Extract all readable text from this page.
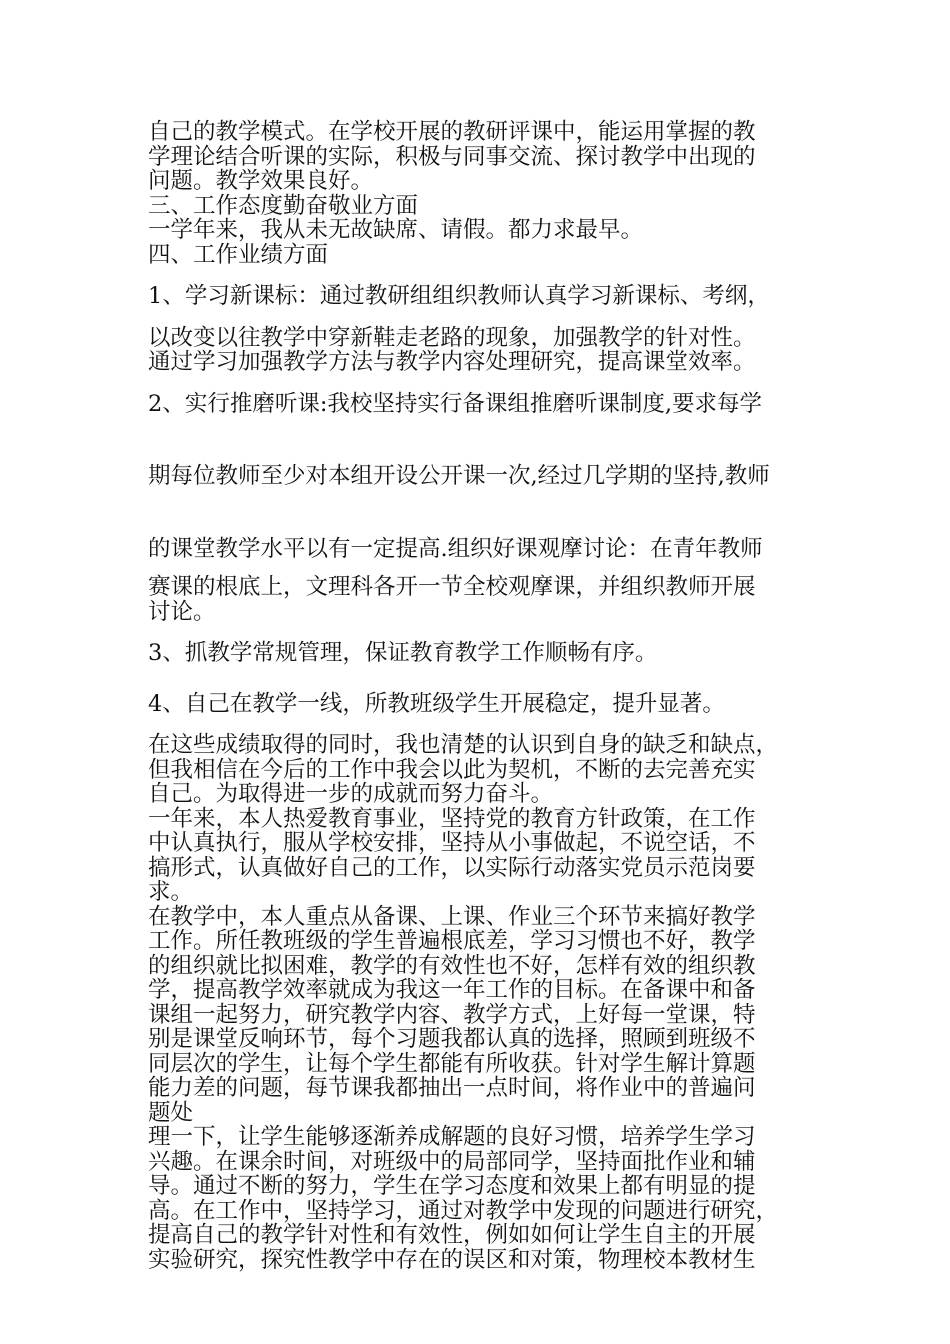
自己的教学模式。在学校开展的教研评课中，能运用掌握的教
学理论结合听课的实际，积极与同事交流、探讨教学中出现的
问题。教学效果良好。
三、工作态度勤奋敬业方面
一学年来，我从未无故缺席、请假。都力求最早。
四、工作业绩方面
1、学习新课标：通过教研组组织教师认真学习新课标、考纲，
以改变以往教学中穿新鞋走老路的现象，加强教学的针对性。
通过学习加强教学方法与教学内容处理研究，提高课堂效率。
2、实行推磨听课:我校坚持实行备课组推磨听课制度,要求每学
期每位教师至少对本组开设公开课一次,经过几学期的坚持,教师
的课堂教学水平以有一定提高.组织好课观摩讨论：在青年教师
赛课的根底上，文理科各开一节全校观摩课，并组织教师开展
讨论。
3、抓教学常规管理，保证教育教学工作顺畅有序。
4、自己在教学一线，所教班级学生开展稳定，提升显著。
在这些成绩取得的同时，我也清楚的认识到自身的缺乏和缺点，
但我相信在今后的工作中我会以此为契机，不断的去完善充实
自己。为取得进一步的成就而努力奋斗。
一年来，本人热爱教育事业，坚持党的教育方针政策，在工作
中认真执行，服从学校安排，坚持从小事做起，不说空话，不
搞形式，认真做好自己的工作，以实际行动落实党员示范岗要
求。
在教学中，本人重点从备课、上课、作业三个环节来搞好教学
工作。所任教班级的学生普遍根底差，学习习惯也不好，教学
的组织就比拟困难，教学的有效性也不好，怎样有效的组织教
学，提高教学效率就成为我这一年工作的目标。在备课中和备
课组一起努力，研究教学内容、教学方式，上好每一堂课，特
别是课堂反响环节，每个习题我都认真的选择，照顾到班级不
同层次的学生，让每个学生都能有所收获。针对学生解计算题
能力差的问题，每节课我都抽出一点时间，将作业中的普遍问
题处
理一下，让学生能够逐渐养成解题的良好习惯，培养学生学习
兴趣。在课余时间，对班级中的局部同学，坚持面批作业和辅
导。通过不断的努力，学生在学习态度和效果上都有明显的提
高。在工作中，坚持学习，通过对教学中发现的问题进行研究，
提高自己的教学针对性和有效性，例如如何让学生自主的开展
实验研究，探究性教学中存在的误区和对策，物理校本教材生
